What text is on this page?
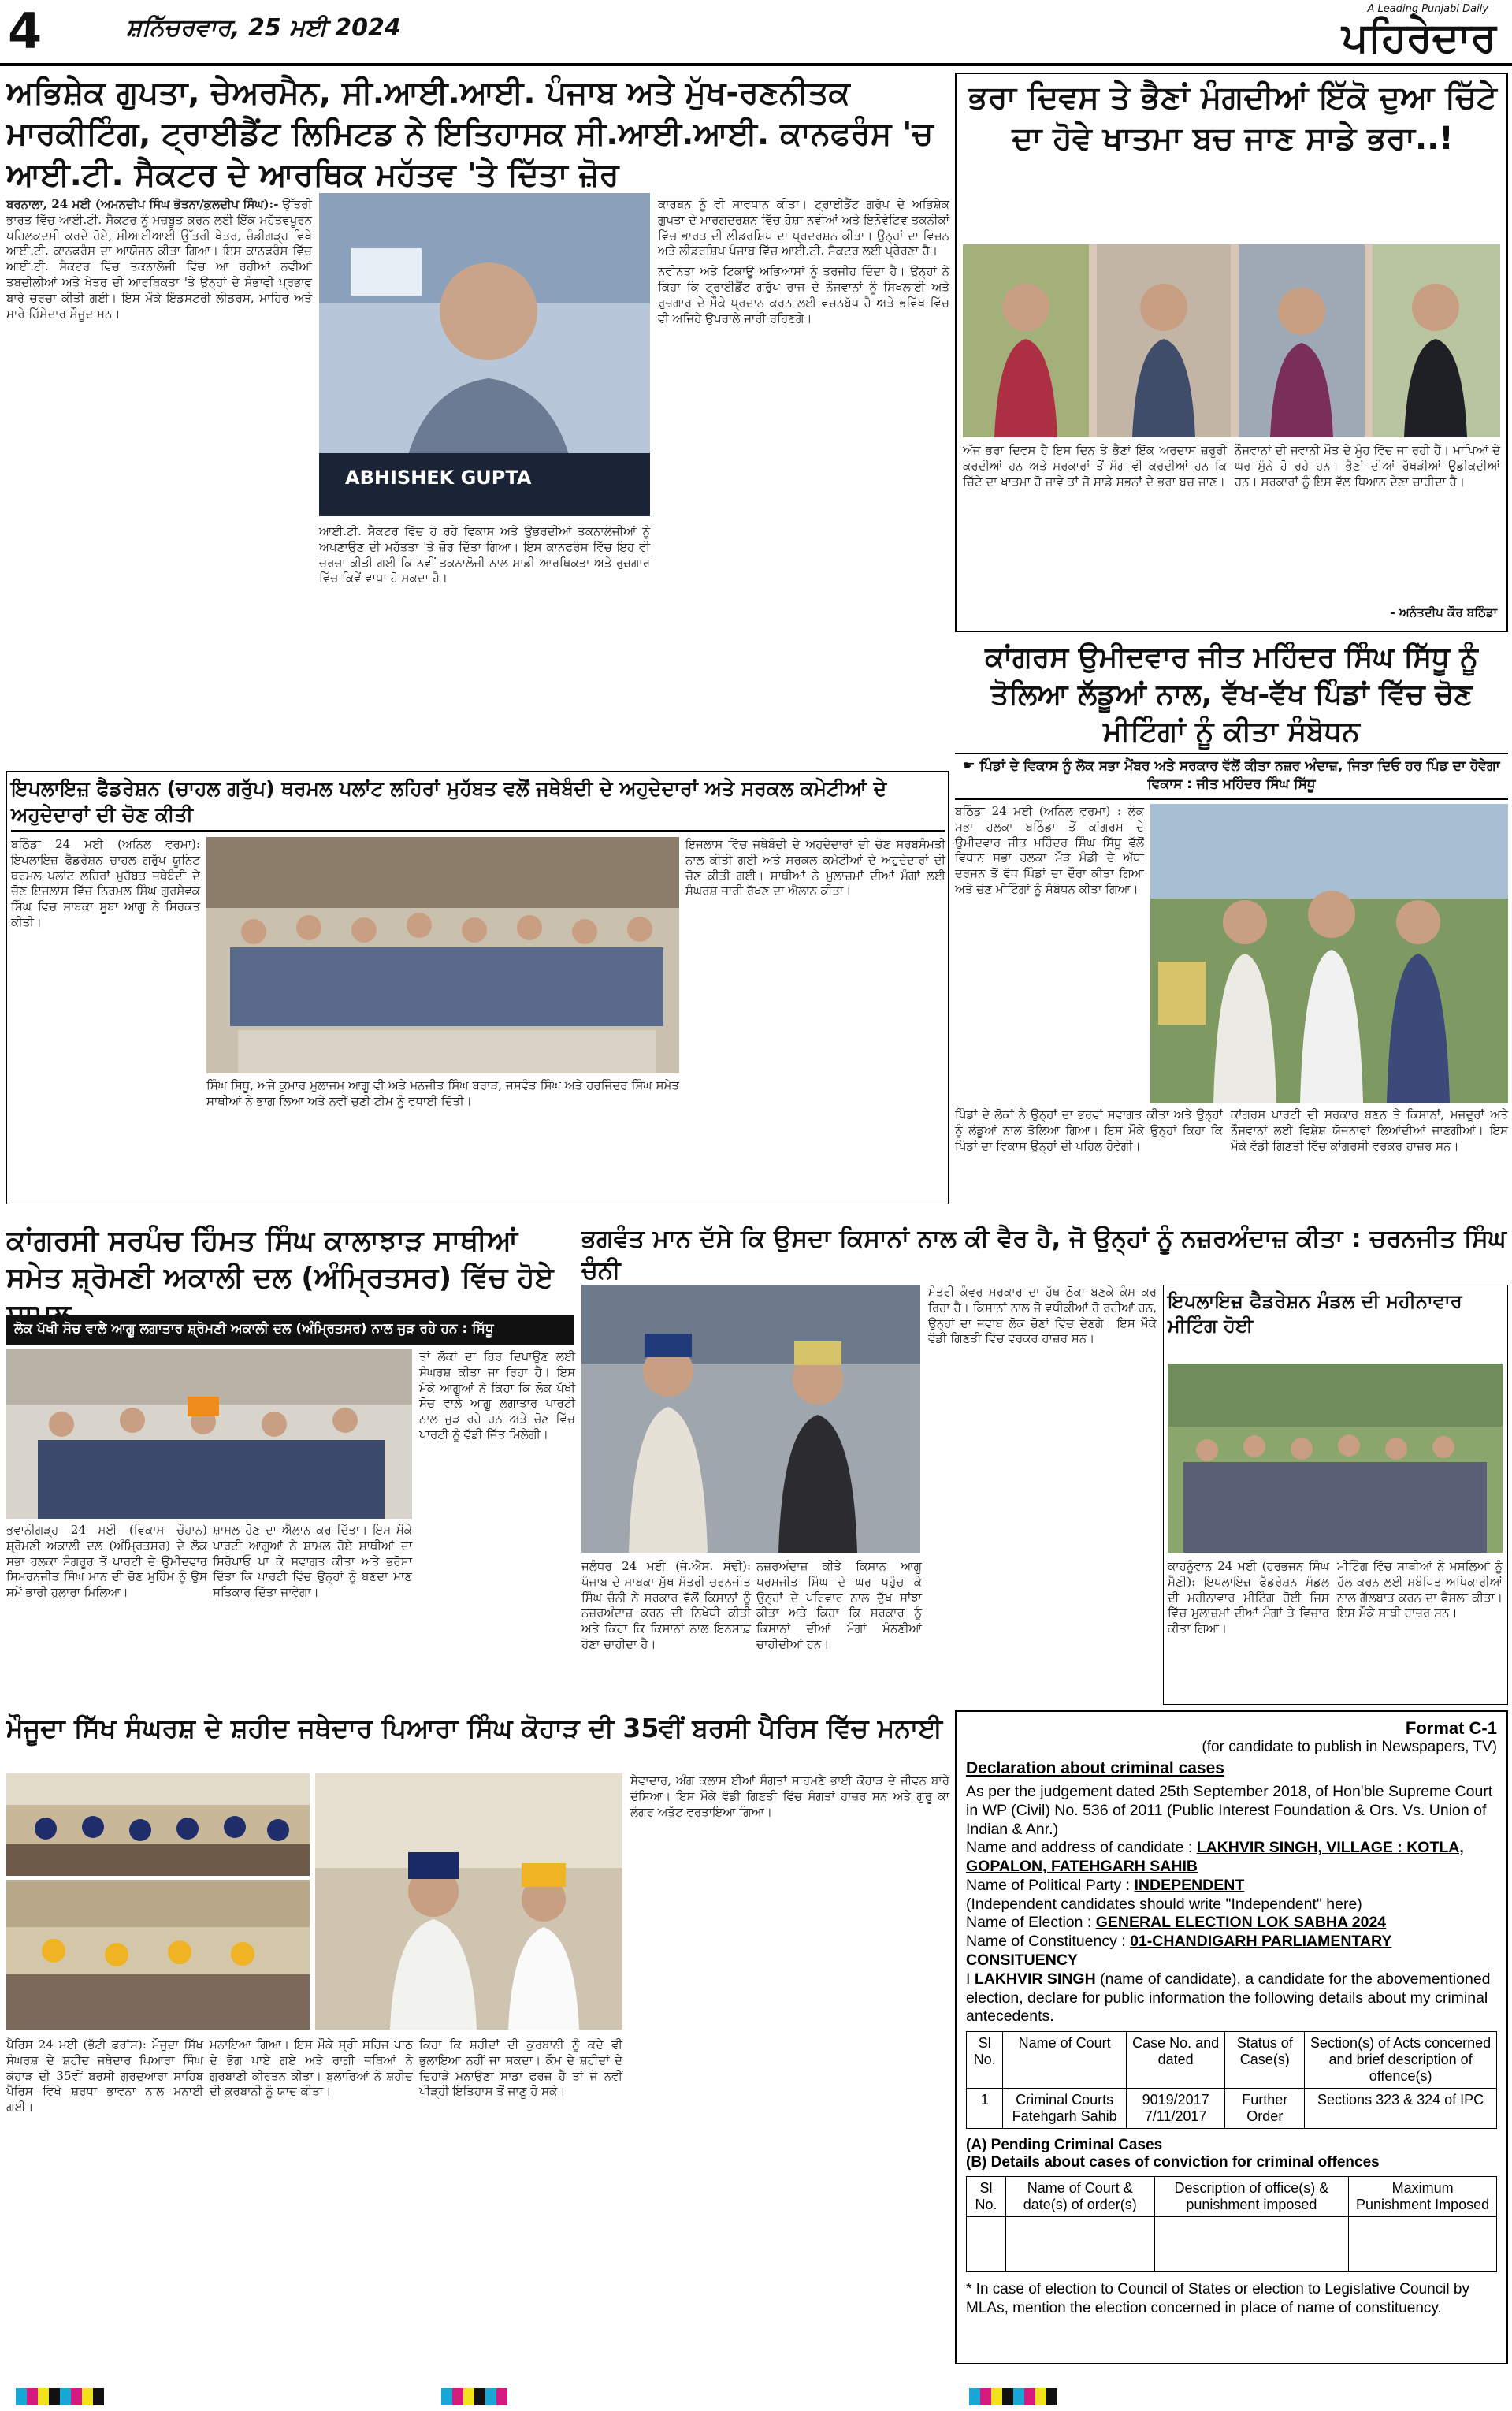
4	ਸ਼ਨਿੱਚਰਵਾਰ, 25 ਮਈ 2024
A Leading Punjabi Daily
ਪਹਿਰੇਦਾਰ
ਅਭਿਸ਼ੇਕ ਗੁਪਤਾ, ਚੇਅਰਮੈਨ, ਸੀ.ਆਈ.ਆਈ. ਪੰਜਾਬ ਅਤੇ ਮੁੱਖ-ਰਣਨੀਤਕ ਮਾਰਕੀਟਿੰਗ, ਟ੍ਰਾਈਡੈਂਟ ਲਿਮਿਟਡ ਨੇ ਇਤਿਹਾਸਕ ਸੀ.ਆਈ.ਆਈ. ਕਾਨਫਰੰਸ 'ਚ ਆਈ.ਟੀ. ਸੈਕਟਰ ਦੇ ਆਰਥਿਕ ਮਹੱਤਵ 'ਤੇ ਦਿੱਤਾ ਜ਼ੋਰ
ABHISHEK GUPTA

ਬਰਨਾਲਾ, 24 ਮਈ (ਅਮਨਦੀਪ ਸਿੰਘ ਭੋਤਨਾ/ਕੁਲਦੀਪ ਸਿੰਘ):- ਉੱਤਰੀ ਭਾਰਤ ਵਿੱਚ ਆਈ.ਟੀ. ਸੈਕਟਰ ਨੂੰ ਮਜ਼ਬੂਤ ਕਰਨ ਲਈ ਇੱਕ ਮਹੱਤਵਪੂਰਨ ਪਹਿਲਕਦਮੀ ਕਰਦੇ ਹੋਏ, ਸੀਆਈਆਈ ਉੱਤਰੀ ਖੇਤਰ, ਚੰਡੀਗੜ੍ਹ ਵਿਖੇ ਆਈ.ਟੀ. ਕਾਨਫਰੰਸ ਦਾ ਆਯੋਜਨ ਕੀਤਾ ਗਿਆ। ਇਸ ਕਾਨਫਰੰਸ ਵਿੱਚ ਆਈ.ਟੀ. ਸੈਕਟਰ ਵਿੱਚ ਤਕਨਾਲੋਜੀ ਵਿੱਚ ਆ ਰਹੀਆਂ ਨਵੀਆਂ ਤਬਦੀਲੀਆਂ ਅਤੇ ਖੇਤਰ ਦੀ ਆਰਥਿਕਤਾ 'ਤੇ ਉਨ੍ਹਾਂ ਦੇ ਸੰਭਾਵੀ ਪ੍ਰਭਾਵ ਬਾਰੇ ਚਰਚਾ ਕੀਤੀ ਗਈ। ਇਸ ਮੌਕੇ ਇੰਡਸਟਰੀ ਲੀਡਰਸ, ਮਾਹਿਰ ਅਤੇ ਸਾਰੇ ਹਿੱਸੇਦਾਰ ਮੌਜੂਦ ਸਨ।

ਆਈ.ਟੀ. ਸੈਕਟਰ ਵਿੱਚ ਹੋ ਰਹੇ ਵਿਕਾਸ ਅਤੇ ਉਭਰਦੀਆਂ ਤਕਨਾਲੋਜੀਆਂ ਨੂੰ ਅਪਣਾਉਣ ਦੀ ਮਹੱਤਤਾ 'ਤੇ ਜ਼ੋਰ ਦਿੱਤਾ ਗਿਆ। ਇਸ ਕਾਨਫਰੰਸ ਵਿੱਚ ਇਹ ਵੀ ਚਰਚਾ ਕੀਤੀ ਗਈ ਕਿ ਨਵੀਂ ਤਕਨਾਲੋਜੀ ਨਾਲ ਸਾਡੀ ਆਰਥਿਕਤਾ ਅਤੇ ਰੁਜ਼ਗਾਰ ਵਿੱਚ ਕਿਵੇਂ ਵਾਧਾ ਹੋ ਸਕਦਾ ਹੈ।

ਕਾਰਬਨ ਨੂੰ ਵੀ ਸਾਵਧਾਨ ਕੀਤਾ। ਟ੍ਰਾਈਡੈਂਟ ਗਰੁੱਪ ਦੇ ਅਭਿਸ਼ੇਕ ਗੁਪਤਾ ਦੇ ਮਾਰਗਦਰਸ਼ਨ ਵਿੱਚ ਹੋਸ਼ਾ ਨਵੀਆਂ ਅਤੇ ਇਨੋਵੇਟਿਵ ਤਕਨੀਕਾਂ ਵਿੱਚ ਭਾਰਤ ਦੀ ਲੀਡਰਸ਼ਿਪ ਦਾ ਪ੍ਰਦਰਸ਼ਨ ਕੀਤਾ। ਉਨ੍ਹਾਂ ਦਾ ਵਿਜ਼ਨ ਅਤੇ ਲੀਡਰਸ਼ਿਪ ਪੰਜਾਬ ਵਿੱਚ ਆਈ.ਟੀ. ਸੈਕਟਰ ਲਈ ਪ੍ਰੇਰਣਾ ਹੈ।

ਨਵੀਨਤਾ ਅਤੇ ਟਿਕਾਊ ਅਭਿਆਸਾਂ ਨੂੰ ਤਰਜੀਹ ਦਿੰਦਾ ਹੈ। ਉਨ੍ਹਾਂ ਨੇ ਕਿਹਾ ਕਿ ਟ੍ਰਾਈਡੈਂਟ ਗਰੁੱਪ ਰਾਜ ਦੇ ਨੌਜਵਾਨਾਂ ਨੂੰ ਸਿਖਲਾਈ ਅਤੇ ਰੁਜ਼ਗਾਰ ਦੇ ਮੌਕੇ ਪ੍ਰਦਾਨ ਕਰਨ ਲਈ ਵਚਨਬੱਧ ਹੈ ਅਤੇ ਭਵਿੱਖ ਵਿੱਚ ਵੀ ਅਜਿਹੇ ਉਪਰਾਲੇ ਜਾਰੀ ਰਹਿਣਗੇ।

ਭਰਾ ਦਿਵਸ ਤੇ ਭੈਣਾਂ ਮੰਗਦੀਆਂ ਇੱਕੋ ਦੁਆ ਚਿੱਟੇ ਦਾ ਹੋਵੇ ਖਾਤਮਾ ਬਚ ਜਾਣ ਸਾਡੇ ਭਰਾ..!

ਅੱਜ ਭਰਾ ਦਿਵਸ ਹੈ ਇਸ ਦਿਨ ਤੇ ਭੈਣਾਂ ਇੱਕ ਅਰਦਾਸ ਜ਼ਰੂਰੀ ਕਰਦੀਆਂ ਹਨ ਅਤੇ ਸਰਕਾਰਾਂ ਤੋਂ ਮੰਗ ਵੀ ਕਰਦੀਆਂ ਹਨ ਕਿ ਚਿੱਟੇ ਦਾ ਖਾਤਮਾ ਹੋ ਜਾਵੇ ਤਾਂ ਜੋ ਸਾਡੇ ਸਭਨਾਂ ਦੇ ਭਰਾ ਬਚ ਜਾਣ।

ਨੌਜਵਾਨਾਂ ਦੀ ਜਵਾਨੀ ਮੌਤ ਦੇ ਮੂੰਹ ਵਿੱਚ ਜਾ ਰਹੀ ਹੈ। ਮਾਪਿਆਂ ਦੇ ਘਰ ਸੁੰਨੇ ਹੋ ਰਹੇ ਹਨ। ਭੈਣਾਂ ਦੀਆਂ ਰੱਖੜੀਆਂ ਉਡੀਕਦੀਆਂ ਹਨ। ਸਰਕਾਰਾਂ ਨੂੰ ਇਸ ਵੱਲ ਧਿਆਨ ਦੇਣਾ ਚਾਹੀਦਾ ਹੈ।

- ਅਨੰਤਦੀਪ ਕੌਰ ਬਠਿੰਡਾ
ਕਾਂਗਰਸ ਉਮੀਦਵਾਰ ਜੀਤ ਮਹਿੰਦਰ ਸਿੰਘ ਸਿੱਧੂ ਨੂੰ ਤੋਲਿਆ ਲੱਡੂਆਂ ਨਾਲ, ਵੱਖ-ਵੱਖ ਪਿੰਡਾਂ ਵਿੱਚ ਚੋਣ ਮੀਟਿੰਗਾਂ ਨੂੰ ਕੀਤਾ ਸੰਬੋਧਨ
☛ ਪਿੰਡਾਂ ਦੇ ਵਿਕਾਸ ਨੂੰ ਲੋਕ ਸਭਾ ਮੈਂਬਰ ਅਤੇ ਸਰਕਾਰ ਵੱਲੋਂ ਕੀਤਾ ਨਜ਼ਰ ਅੰਦਾਜ਼, ਜਿਤਾ ਦਿਓ ਹਰ ਪਿੰਡ ਦਾ ਹੋਵੇਗਾ ਵਿਕਾਸ : ਜੀਤ ਮਹਿੰਦਰ ਸਿੰਘ ਸਿੱਧੂ

ਬਠਿੰਡਾ 24 ਮਈ (ਅਨਿਲ ਵਰਮਾ) : ਲੋਕ ਸਭਾ ਹਲਕਾ ਬਠਿੰਡਾ ਤੋਂ ਕਾਂਗਰਸ ਦੇ ਉਮੀਦਵਾਰ ਜੀਤ ਮਹਿੰਦਰ ਸਿੰਘ ਸਿੱਧੂ ਵੱਲੋਂ ਵਿਧਾਨ ਸਭਾ ਹਲਕਾ ਮੌੜ ਮੰਡੀ ਦੇ ਅੱਧਾ ਦਰਜਨ ਤੋਂ ਵੱਧ ਪਿੰਡਾਂ ਦਾ ਦੌਰਾ ਕੀਤਾ ਗਿਆ ਅਤੇ ਚੋਣ ਮੀਟਿੰਗਾਂ ਨੂੰ ਸੰਬੋਧਨ ਕੀਤਾ ਗਿਆ।

ਪਿੰਡਾਂ ਦੇ ਲੋਕਾਂ ਨੇ ਉਨ੍ਹਾਂ ਦਾ ਭਰਵਾਂ ਸਵਾਗਤ ਕੀਤਾ ਅਤੇ ਉਨ੍ਹਾਂ ਨੂੰ ਲੱਡੂਆਂ ਨਾਲ ਤੋਲਿਆ ਗਿਆ। ਇਸ ਮੌਕੇ ਉਨ੍ਹਾਂ ਕਿਹਾ ਕਿ ਪਿੰਡਾਂ ਦਾ ਵਿਕਾਸ ਉਨ੍ਹਾਂ ਦੀ ਪਹਿਲ ਹੋਵੇਗੀ।

ਕਾਂਗਰਸ ਪਾਰਟੀ ਦੀ ਸਰਕਾਰ ਬਣਨ ਤੇ ਕਿਸਾਨਾਂ, ਮਜ਼ਦੂਰਾਂ ਅਤੇ ਨੌਜਵਾਨਾਂ ਲਈ ਵਿਸ਼ੇਸ਼ ਯੋਜਨਾਵਾਂ ਲਿਆਂਦੀਆਂ ਜਾਣਗੀਆਂ। ਇਸ ਮੌਕੇ ਵੱਡੀ ਗਿਣਤੀ ਵਿੱਚ ਕਾਂਗਰਸੀ ਵਰਕਰ ਹਾਜ਼ਰ ਸਨ।

ਇਪਲਾਇਜ਼ ਫੈਡਰੇਸ਼ਨ (ਚਾਹਲ ਗਰੁੱਪ) ਥਰਮਲ ਪਲਾਂਟ ਲਹਿਰਾਂ ਮੁਹੱਬਤ ਵਲੋਂ ਜਥੇਬੰਦੀ ਦੇ ਅਹੁਦੇਦਾਰਾਂ ਅਤੇ ਸਰਕਲ ਕਮੇਟੀਆਂ ਦੇ ਅਹੁਦੇਦਾਰਾਂ ਦੀ ਚੋਣ ਕੀਤੀ

ਬਠਿੰਡਾ 24 ਮਈ (ਅਨਿਲ ਵਰਮਾ): ਇਪਲਾਇਜ਼ ਫੈਡਰੇਸ਼ਨ ਚਾਹਲ ਗਰੁੱਪ ਯੂਨਿਟ ਥਰਮਲ ਪਲਾਂਟ ਲਹਿਰਾਂ ਮੁਹੱਬਤ ਜਥੇਬੰਦੀ ਦੇ ਚੋਣ ਇਜਲਾਸ ਵਿੱਚ ਨਿਰਮਲ ਸਿੰਘ ਗੁਰਸੇਵਕ ਸਿੰਘ ਵਿਚ ਸਾਬਕਾ ਸੂਬਾ ਆਗੂ ਨੇ ਸ਼ਿਰਕਤ ਕੀਤੀ।

ਸਿੰਘ ਸਿੱਧੂ, ਅਜੇ ਕੁਮਾਰ ਮੁਲਾਜਮ ਆਗੂ ਵੀ ਅਤੇ ਮਨਜੀਤ ਸਿੰਘ ਬਰਾੜ, ਜਸਵੰਤ ਸਿੰਘ ਅਤੇ ਹਰਜਿੰਦਰ ਸਿੰਘ ਸਮੇਤ ਸਾਥੀਆਂ ਨੇ ਭਾਗ ਲਿਆ ਅਤੇ ਨਵੀਂ ਚੁਣੀ ਟੀਮ ਨੂੰ ਵਧਾਈ ਦਿੱਤੀ।

ਇਜਲਾਸ ਵਿੱਚ ਜਥੇਬੰਦੀ ਦੇ ਅਹੁਦੇਦਾਰਾਂ ਦੀ ਚੋਣ ਸਰਬਸੰਮਤੀ ਨਾਲ ਕੀਤੀ ਗਈ ਅਤੇ ਸਰਕਲ ਕਮੇਟੀਆਂ ਦੇ ਅਹੁਦੇਦਾਰਾਂ ਦੀ ਚੋਣ ਕੀਤੀ ਗਈ। ਸਾਥੀਆਂ ਨੇ ਮੁਲਾਜ਼ਮਾਂ ਦੀਆਂ ਮੰਗਾਂ ਲਈ ਸੰਘਰਸ਼ ਜਾਰੀ ਰੱਖਣ ਦਾ ਐਲਾਨ ਕੀਤਾ।

ਕਾਂਗਰਸੀ ਸਰਪੰਚ ਹਿੰਮਤ ਸਿੰਘ ਕਾਲਾਝਾੜ ਸਾਥੀਆਂ ਸਮੇਤ ਸ਼੍ਰੋਮਣੀ ਅਕਾਲੀ ਦਲ (ਅੰਮ੍ਰਿਤਸਰ) ਵਿੱਚ ਹੋਏ
ਲੋਕ ਪੱਖੀ ਸੋਚ ਵਾਲੇ ਆਗੂ ਲਗਾਤਾਰ ਸ਼੍ਰੋਮਣੀ ਅਕਾਲੀ ਦਲ (ਅੰਮ੍ਰਿਤਸਰ) ਨਾਲ ਜੁੜ ਰਹੇ ਹਨ : ਸਿੱਧੂ

ਭਵਾਨੀਗੜ੍ਹ 24 ਮਈ (ਵਿਕਾਸ ਚੌਹਾਨ) ਸ਼੍ਰੋਮਣੀ ਅਕਾਲੀ ਦਲ (ਅੰਮ੍ਰਿਤਸਰ) ਦੇ ਲੋਕ ਸਭਾ ਹਲਕਾ ਸੰਗਰੂਰ ਤੋਂ ਪਾਰਟੀ ਦੇ ਉਮੀਦਵਾਰ ਸਿਮਰਨਜੀਤ ਸਿੰਘ ਮਾਨ ਦੀ ਚੋਣ ਮੁਹਿੰਮ ਨੂੰ ਉਸ ਸਮੇਂ ਭਾਰੀ ਹੁਲਾਰਾ ਮਿਲਿਆ।

ਸ਼ਾਮਲ ਹੋਣ ਦਾ ਐਲਾਨ ਕਰ ਦਿੱਤਾ। ਇਸ ਮੌਕੇ ਪਾਰਟੀ ਆਗੂਆਂ ਨੇ ਸ਼ਾਮਲ ਹੋਏ ਸਾਥੀਆਂ ਦਾ ਸਿਰੋਪਾਓ ਪਾ ਕੇ ਸਵਾਗਤ ਕੀਤਾ ਅਤੇ ਭਰੋਸਾ ਦਿੱਤਾ ਕਿ ਪਾਰਟੀ ਵਿੱਚ ਉਨ੍ਹਾਂ ਨੂੰ ਬਣਦਾ ਮਾਣ ਸਤਿਕਾਰ ਦਿੱਤਾ ਜਾਵੇਗਾ।

ਤਾਂ ਲੋਕਾਂ ਦਾ ਹਿਰ ਦਿਖਾਉਣ ਲਈ ਸੰਘਰਸ਼ ਕੀਤਾ ਜਾ ਰਿਹਾ ਹੈ। ਇਸ ਮੌਕੇ ਆਗੂਆਂ ਨੇ ਕਿਹਾ ਕਿ ਲੋਕ ਪੱਖੀ ਸੋਚ ਵਾਲੇ ਆਗੂ ਲਗਾਤਾਰ ਪਾਰਟੀ ਨਾਲ ਜੁੜ ਰਹੇ ਹਨ ਅਤੇ ਚੋਣ ਵਿੱਚ ਪਾਰਟੀ ਨੂੰ ਵੱਡੀ ਜਿੱਤ ਮਿਲੇਗੀ।

ਭਗਵੰਤ ਮਾਨ ਦੱਸੇ ਕਿ ਉਸਦਾ ਕਿਸਾਨਾਂ ਨਾਲ ਕੀ ਵੈਰ ਹੈ, ਜੋ ਉਨ੍ਹਾਂ ਨੂੰ ਨਜ਼ਰਅੰਦਾਜ਼ ਕੀਤਾ : ਚਰਨਜੀਤ ਸਿੰਘ ਚੰਨੀ

ਜਲੰਧਰ 24 ਮਈ (ਜੇ.ਐਸ. ਸੋਢੀ): ਪੰਜਾਬ ਦੇ ਸਾਬਕਾ ਮੁੱਖ ਮੰਤਰੀ ਚਰਨਜੀਤ ਸਿੰਘ ਚੰਨੀ ਨੇ ਸਰਕਾਰ ਵੱਲੋਂ ਕਿਸਾਨਾਂ ਨੂੰ ਨਜ਼ਰਅੰਦਾਜ਼ ਕਰਨ ਦੀ ਨਿਖੇਧੀ ਕੀਤੀ ਅਤੇ ਕਿਹਾ ਕਿ ਕਿਸਾਨਾਂ ਨਾਲ ਇਨਸਾਫ਼ ਹੋਣਾ ਚਾਹੀਦਾ ਹੈ।

ਨਜ਼ਰਅੰਦਾਜ਼ ਕੀਤੇ ਕਿਸਾਨ ਆਗੂ ਪਰਮਜੀਤ ਸਿੰਘ ਦੇ ਘਰ ਪਹੁੰਚ ਕੇ ਉਨ੍ਹਾਂ ਦੇ ਪਰਿਵਾਰ ਨਾਲ ਦੁੱਖ ਸਾਂਝਾ ਕੀਤਾ ਅਤੇ ਕਿਹਾ ਕਿ ਸਰਕਾਰ ਨੂੰ ਕਿਸਾਨਾਂ ਦੀਆਂ ਮੰਗਾਂ ਮੰਨਣੀਆਂ ਚਾਹੀਦੀਆਂ ਹਨ।

ਮੰਤਰੀ ਕੰਵਰ ਸਰਕਾਰ ਦਾ ਹੱਥ ਠੋਕਾ ਬਣਕੇ ਕੰਮ ਕਰ ਰਿਹਾ ਹੈ। ਕਿਸਾਨਾਂ ਨਾਲ ਜੋ ਵਧੀਕੀਆਂ ਹੋ ਰਹੀਆਂ ਹਨ, ਉਨ੍ਹਾਂ ਦਾ ਜਵਾਬ ਲੋਕ ਚੋਣਾਂ ਵਿੱਚ ਦੇਣਗੇ। ਇਸ ਮੌਕੇ ਵੱਡੀ ਗਿਣਤੀ ਵਿੱਚ ਵਰਕਰ ਹਾਜ਼ਰ ਸਨ।

ਇਪਲਾਇਜ਼ ਫੈਡਰੇਸ਼ਨ ਮੰਡਲ ਦੀ ਮਹੀਨਾਵਾਰ ਮੀਟਿੰਗ ਹੋਈ

ਕਾਹਨੂੰਵਾਨ 24 ਮਈ (ਹਰਭਜਨ ਸਿੰਘ ਸੈਣੀ): ਇਪਲਾਇਜ਼ ਫੈਡਰੇਸ਼ਨ ਮੰਡਲ ਦੀ ਮਹੀਨਾਵਾਰ ਮੀਟਿੰਗ ਹੋਈ ਜਿਸ ਵਿੱਚ ਮੁਲਾਜ਼ਮਾਂ ਦੀਆਂ ਮੰਗਾਂ ਤੇ ਵਿਚਾਰ ਕੀਤਾ ਗਿਆ।

ਮੀਟਿੰਗ ਵਿੱਚ ਸਾਥੀਆਂ ਨੇ ਮਸਲਿਆਂ ਨੂੰ ਹੱਲ ਕਰਨ ਲਈ ਸਬੰਧਿਤ ਅਧਿਕਾਰੀਆਂ ਨਾਲ ਗੱਲਬਾਤ ਕਰਨ ਦਾ ਫੈਸਲਾ ਕੀਤਾ। ਇਸ ਮੌਕੇ ਸਾਥੀ ਹਾਜ਼ਰ ਸਨ।

ਮੌਜੂਦਾ ਸਿੱਖ ਸੰਘਰਸ਼ ਦੇ ਸ਼ਹੀਦ ਜਥੇਦਾਰ ਪਿਆਰਾ ਸਿੰਘ ਕੋਹਾੜ ਦੀ 35ਵੀਂ ਬਰਸੀ ਪੈਰਿਸ ਵਿੱਚ ਮਨਾਈ

ਪੈਰਿਸ 24 ਮਈ (ਭੱਟੀ ਫਰਾਂਸ): ਮੌਜੂਦਾ ਸਿੱਖ ਸੰਘਰਸ਼ ਦੇ ਸ਼ਹੀਦ ਜਥੇਦਾਰ ਪਿਆਰਾ ਸਿੰਘ ਕੋਹਾੜ ਦੀ 35ਵੀਂ ਬਰਸੀ ਗੁਰਦੁਆਰਾ ਸਾਹਿਬ ਪੈਰਿਸ ਵਿਖੇ ਸ਼ਰਧਾ ਭਾਵਨਾ ਨਾਲ ਮਨਾਈ ਗਈ।

ਮਨਾਇਆ ਗਿਆ। ਇਸ ਮੌਕੇ ਸ੍ਰੀ ਸਹਿਜ ਪਾਠ ਦੇ ਭੋਗ ਪਾਏ ਗਏ ਅਤੇ ਰਾਗੀ ਜਥਿਆਂ ਨੇ ਗੁਰਬਾਣੀ ਕੀਰਤਨ ਕੀਤਾ। ਬੁਲਾਰਿਆਂ ਨੇ ਸ਼ਹੀਦ ਦੀ ਕੁਰਬਾਨੀ ਨੂੰ ਯਾਦ ਕੀਤਾ।

ਕਿਹਾ ਕਿ ਸ਼ਹੀਦਾਂ ਦੀ ਕੁਰਬਾਨੀ ਨੂੰ ਕਦੇ ਵੀ ਭੁਲਾਇਆ ਨਹੀਂ ਜਾ ਸਕਦਾ। ਕੌਮ ਦੇ ਸ਼ਹੀਦਾਂ ਦੇ ਦਿਹਾੜੇ ਮਨਾਉਣਾ ਸਾਡਾ ਫਰਜ਼ ਹੈ ਤਾਂ ਜੋ ਨਵੀਂ ਪੀੜ੍ਹੀ ਇਤਿਹਾਸ ਤੋਂ ਜਾਣੂ ਹੋ ਸਕੇ।

ਸੇਵਾਦਾਰ, ਅੰਗ ਕਲਾਸ ਈਆਂ ਸੰਗਤਾਂ ਸਾਹਮਣੇ ਭਾਈ ਕੋਹਾੜ ਦੇ ਜੀਵਨ ਬਾਰੇ ਦੱਸਿਆ। ਇਸ ਮੌਕੇ ਵੱਡੀ ਗਿਣਤੀ ਵਿੱਚ ਸੰਗਤਾਂ ਹਾਜ਼ਰ ਸਨ ਅਤੇ ਗੁਰੂ ਕਾ ਲੰਗਰ ਅਤੁੱਟ ਵਰਤਾਇਆ ਗਿਆ।

Format C-1
(for candidate to publish in Newspapers, TV)
Declaration about criminal cases
As per the judgement dated 25th September 2018, of Hon'ble Supreme Court in WP (Civil) No. 536 of 2011 (Public Interest Foundation & Ors. Vs. Union of Indian & Anr.)
Name and address of candidate : LAKHVIR SINGH, VILLAGE : KOTLA, GOPALON, FATEHGARH SAHIB
Name of Political Party : INDEPENDENT
(Independent candidates should write "Independent" here)
Name of Election : GENERAL ELECTION LOK SABHA 2024
Name of Constituency : 01-CHANDIGARH PARLIAMENTARY CONSITUENCY
I LAKHVIR SINGH (name of candidate), a candidate for the abovementioned election, declare for public information the following details about my criminal antecedents.
Sl No.	Name of Court	Case No. and dated	Status of Case(s)	Section(s) of Acts concerned and brief description of offence(s)
1	Criminal Courts Fatehgarh Sahib	9019/2017 7/11/2017	Further Order	Sections 323 & 324 of IPC
(A) Pending Criminal Cases
(B) Details about cases of conviction for criminal offences
Sl No.	Name of Court & date(s) of order(s)	Description of office(s) & punishment imposed	Maximum Punishment Imposed

* In case of election to Council of States or election to Legislative Council by MLAs, mention the election concerned in place of name of constituency.
